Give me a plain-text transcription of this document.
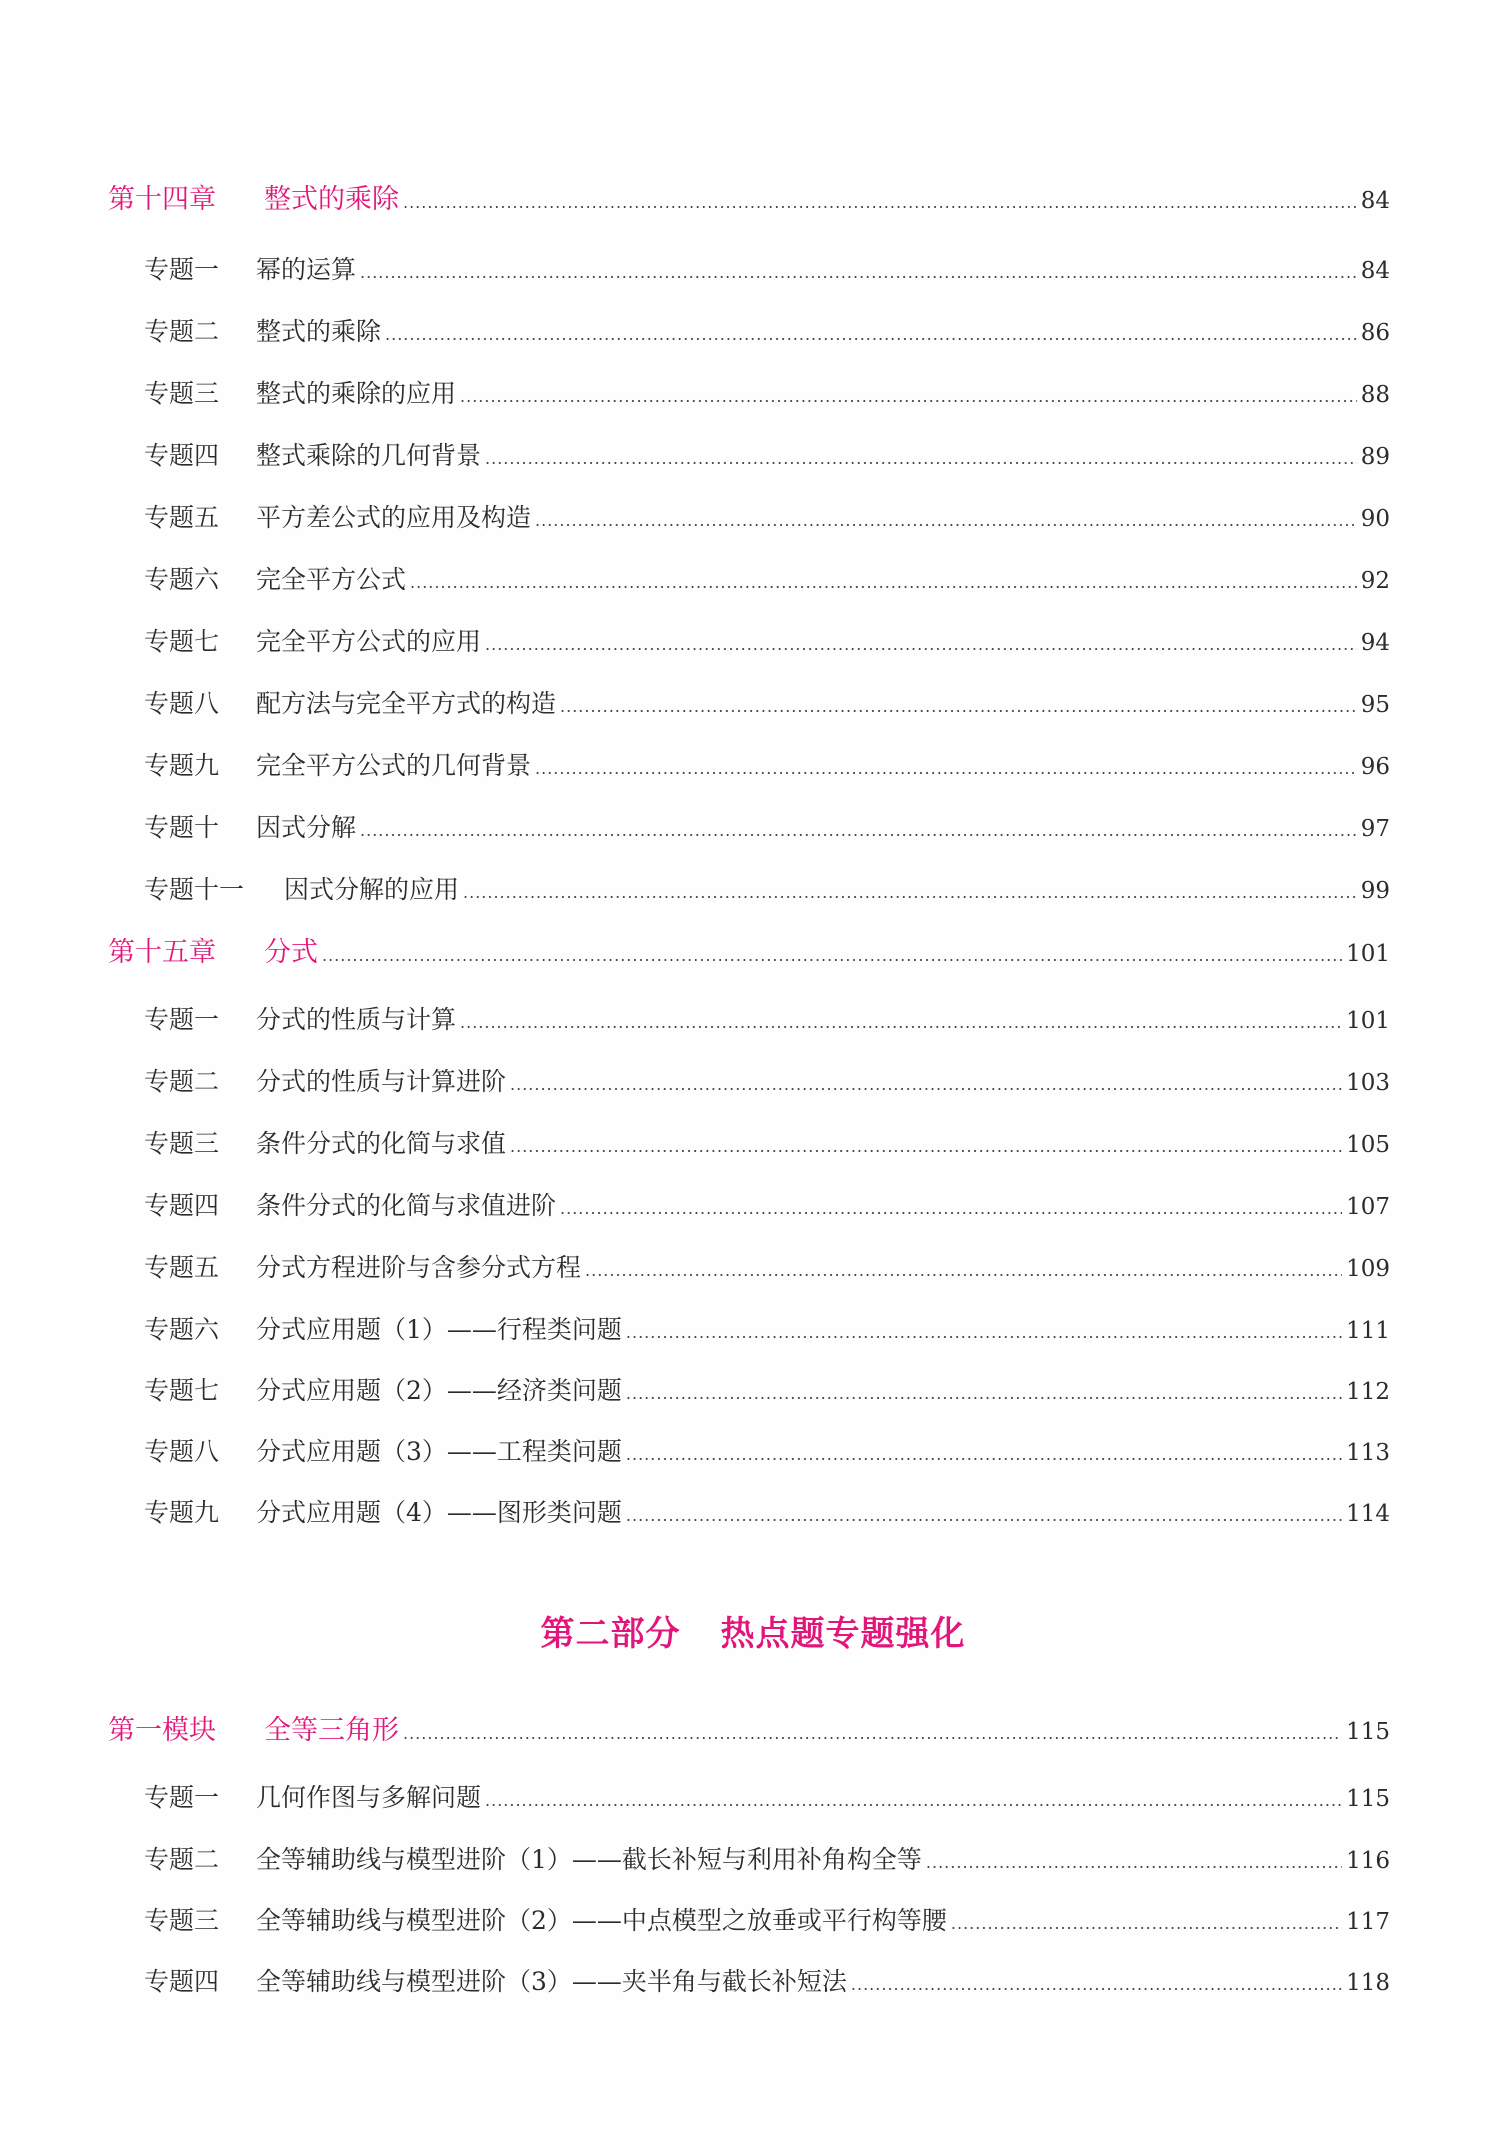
第十四章	整式的乘除 .....	84
专题一	幂的运算 .....	84
专题二	整式的乘除 .....	86
专题三	整式的乘除的应用 .....	88
专题四	整式乘除的几何背景 .....	89
专题五	平方差公式的应用及构造 .....	90
专题六	完全平方公式 .....	92
专题七	完全平方公式的应用 .....	94
专题八	配方法与完全平方式的构造 .....	95
专题九	完全平方公式的几何背景 .....	96
专题十	因式分解 .....	97
专题十一	因式分解的应用 .....	99
第十五章	分式 .....	101
专题一	分式的性质与计算 .....	101
专题二	分式的性质与计算进阶 .....	103
专题三	条件分式的化简与求值 .....	105
专题四	条件分式的化简与求值进阶 .....	107
专题五	分式方程进阶与含参分式方程 .....	109
专题六	分式应用题（1）——行程类问题 .....	111
专题七	分式应用题（2）——经济类问题 .....	112
专题八	分式应用题（3）——工程类问题 .....	113
专题九	分式应用题（4）——图形类问题 .....	114
第二部分 热点题专题强化
第一模块	全等三角形 .....	115
专题一	几何作图与多解问题 .....	115
专题二	全等辅助线与模型进阶（1）——截长补短与利用补角构全等 .....	116
专题三	全等辅助线与模型进阶（2）——中点模型之放垂或平行构等腰 .....	117
专题四	全等辅助线与模型进阶（3）——夹半角与截长补短法 .....	118
